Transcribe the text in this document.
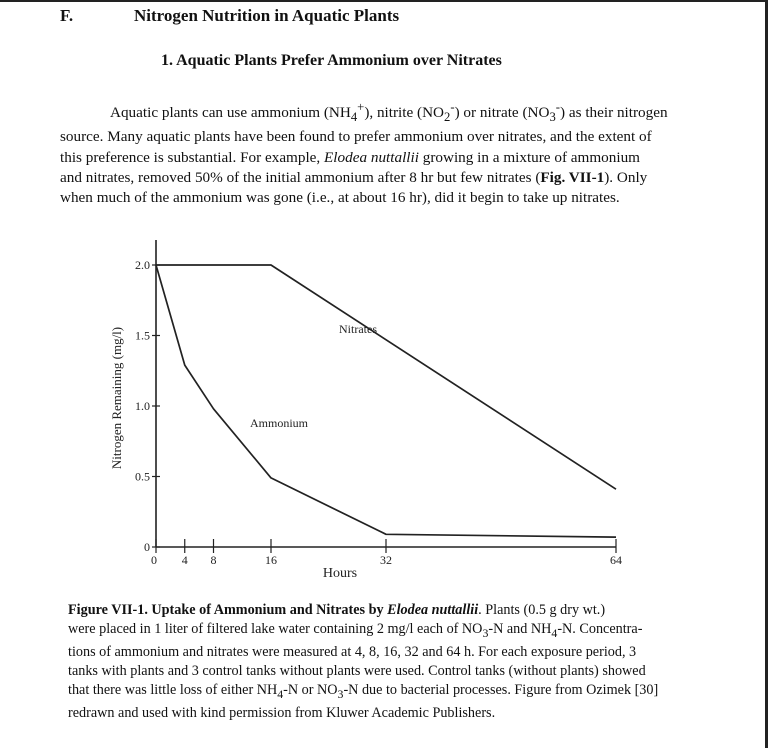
F.	Nitrogen Nutrition in Aquatic Plants
1. Aquatic Plants Prefer Ammonium over Nitrates

Aquatic plants can use ammonium $(NH_4^+)$, nitrite $(NO_2^-)$ or nitrate $(NO_3^-)$ as their nitrogen

source. Many aquatic plants have been found to prefer ammonium over nitrates, and the extent of

this preference is substantial. For example, Elodea nuttallii growing in a mixture of ammonium

and nitrates, removed 50% of the initial ammonium after 8 hr but few nitrates (Fig. VII-1). Only

when much of the ammonium was gone (i.e., at about 16 hr), did it begin to take up nitrates.

0
0.5
1.0
1.5
2.0
0 4 8	16	32	64
Ammonium
Nitrates
Hours
Nitrogen Remaining (mg/l)

Figure VII-1. Uptake of Ammonium and Nitrates by Elodea nuttallii. Plants (0.5 g dry wt.)

were placed in 1 liter of filtered lake water containing 2 mg/l each of $NO_3-N$ and $NH_4-N$. Concentra-

tions of ammonium and nitrates were measured at 4, 8, 16, 32 and 64 h. For each exposure period, 3

tanks with plants and 3 control tanks without plants were used. Control tanks (without plants) showed

that there was little loss of either $NH_4-N$ or $NO_3-N$ due to bacterial processes. Figure from Ozimek [30]

redrawn and used with kind permission from Kluwer Academic Publishers.
